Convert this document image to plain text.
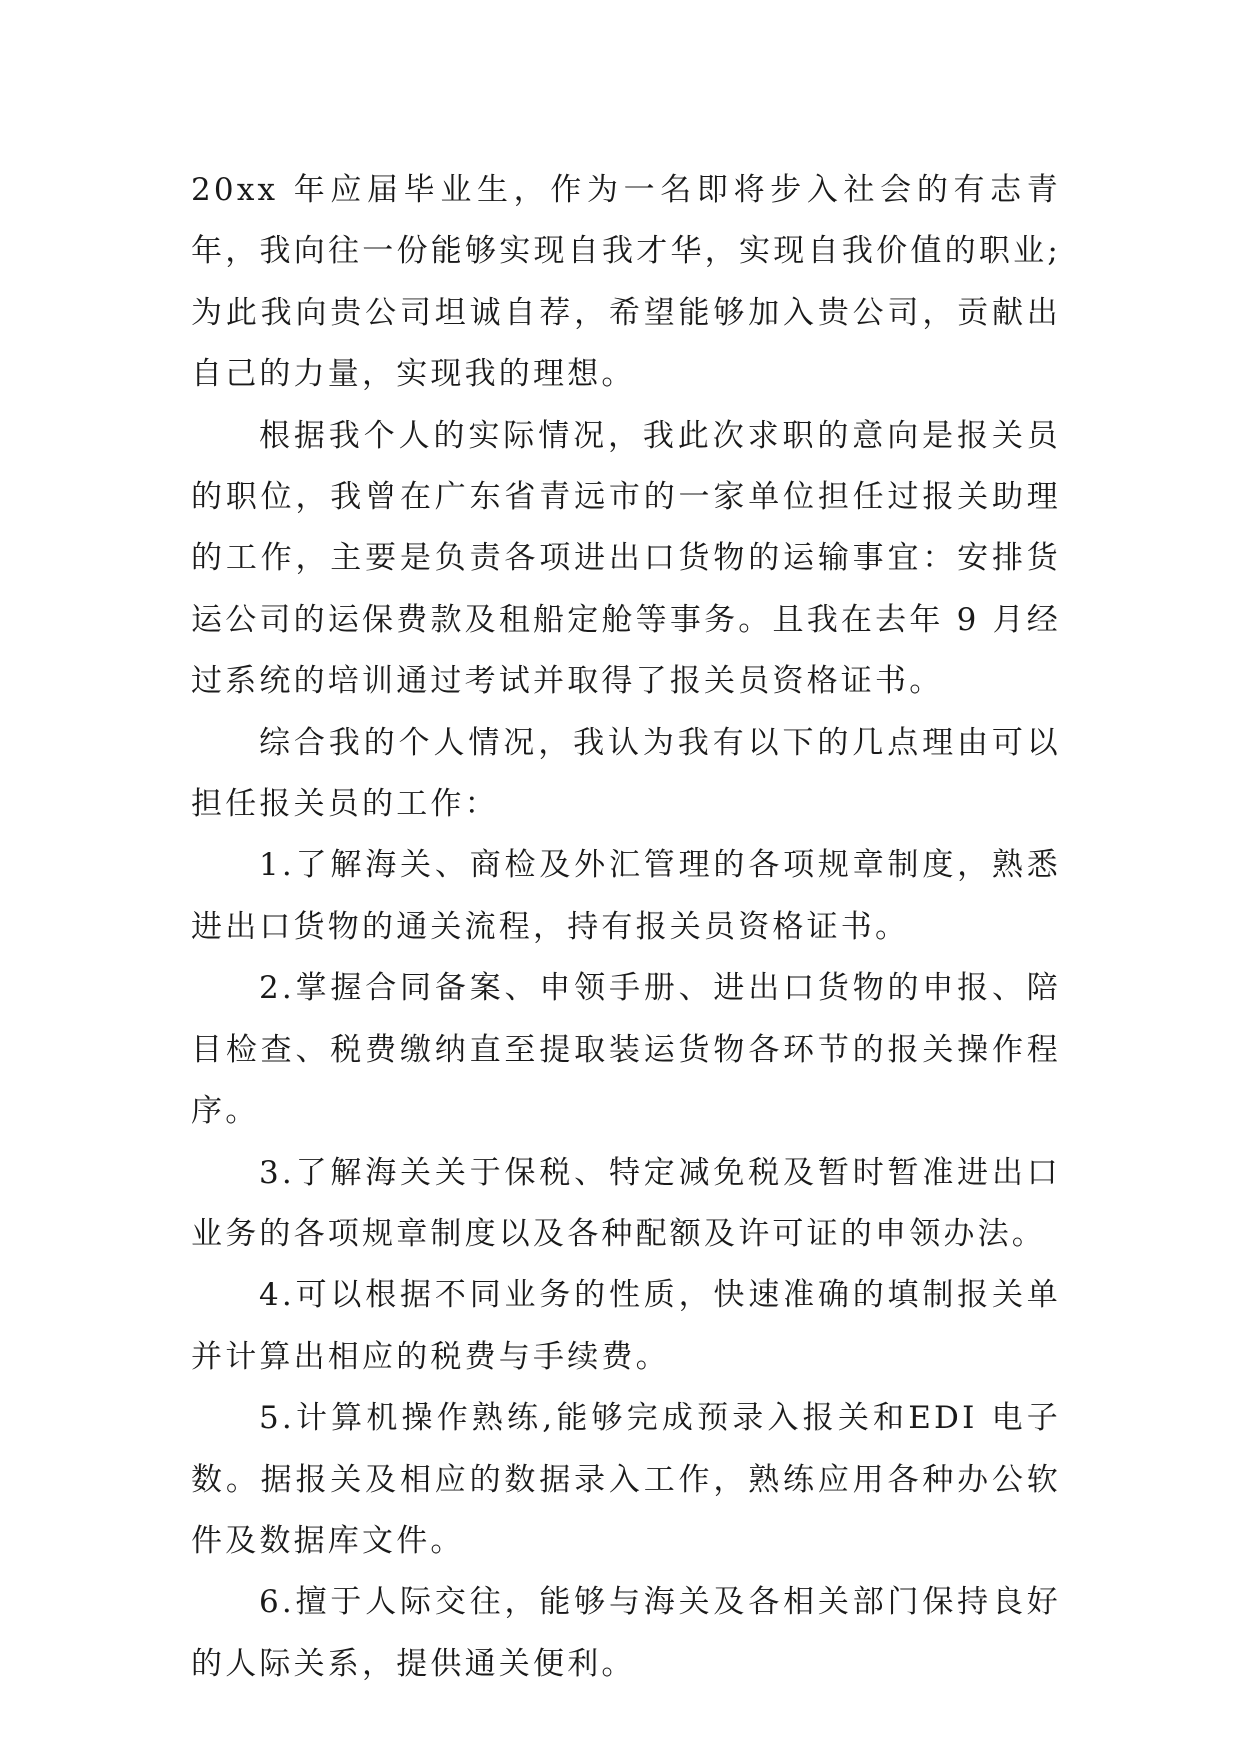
20xx 年应届毕业生，作为一名即将步入社会的有志青年，我向往一份能够实现自我才华，实现自我价值的职业;为此我向贵公司坦诚自荐，希望能够加入贵公司，贡献出自己的力量，实现我的理想。

根据我个人的实际情况，我此次求职的意向是报关员的职位，我曾在广东省青远市的一家单位担任过报关助理的工作，主要是负责各项进出口货物的运输事宜：安排货运公司的运保费款及租船定舱等事务。且我在去年 9 月经过系统的培训通过考试并取得了报关员资格证书。

综合我的个人情况，我认为我有以下的几点理由可以担任报关员的工作：

1.了解海关、商检及外汇管理的各项规章制度，熟悉进出口货物的通关流程，持有报关员资格证书。

2.掌握合同备案、申领手册、进出口货物的申报、陪目检查、税费缴纳直至提取装运货物各环节的报关操作程序。

3.了解海关关于保税、特定减免税及暂时暂准进出口业务的各项规章制度以及各种配额及许可证的申领办法。

4.可以根据不同业务的性质，快速准确的填制报关单并计算出相应的税费与手续费。

5.计算机操作熟练,能够完成预录入报关和EDI 电子数。据报关及相应的数据录入工作，熟练应用各种办公软件及数据库文件。

6.擅于人际交往，能够与海关及各相关部门保持良好的人际关系，提供通关便利。
